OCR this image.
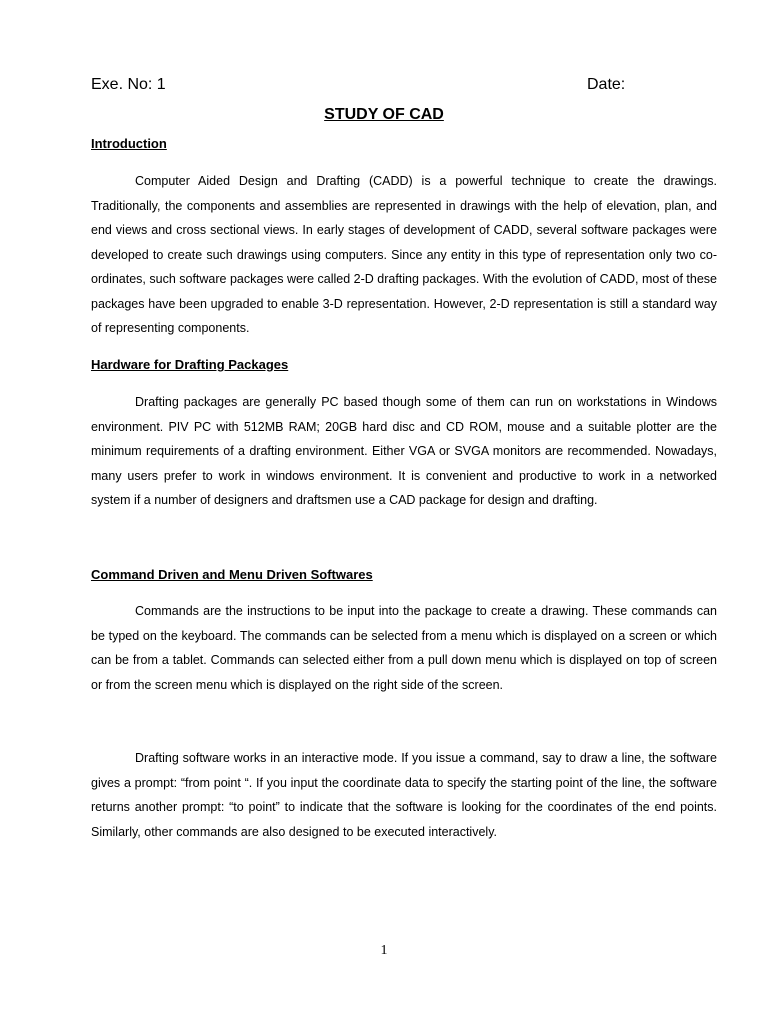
Exe. No: 1	Date:
STUDY OF CAD
Introduction

Computer Aided Design and Drafting (CADD) is a powerful technique to create the drawings. Traditionally, the components and assemblies are represented in drawings with the help of elevation, plan, and end views and cross sectional views. In early stages of development of CADD, several software packages were developed to create such drawings using computers. Since any entity in this type of representation only two co-ordinates, such software packages were called 2-D drafting packages. With the evolution of CADD, most of these packages have been upgraded to enable 3-D representation. However, 2-D representation is still a standard way of representing components.

Hardware for Drafting Packages

Drafting packages are generally PC based though some of them can run on workstations in Windows environment. PIV PC with 512MB RAM; 20GB hard disc and CD ROM, mouse and a suitable plotter are the minimum requirements of a drafting environment. Either VGA or SVGA monitors are recommended. Nowadays, many users prefer to work in windows environment. It is convenient and productive to work in a networked system if a number of designers and draftsmen use a CAD package for design and drafting.

Command Driven and Menu Driven Softwares

Commands are the instructions to be input into the package to create a drawing. These commands can be typed on the keyboard. The commands can be selected from a menu which is displayed on a screen or which can be from a tablet. Commands can selected either from a pull down menu which is displayed on top of screen or from the screen menu which is displayed on the right side of the screen.

Drafting software works in an interactive mode. If you issue a command, say to draw a line, the software gives a prompt: “from point “. If you input the coordinate data to specify the starting point of the line, the software returns another prompt: “to point” to indicate that the software is looking for the coordinates of the end points. Similarly, other commands are also designed to be executed interactively.

1
